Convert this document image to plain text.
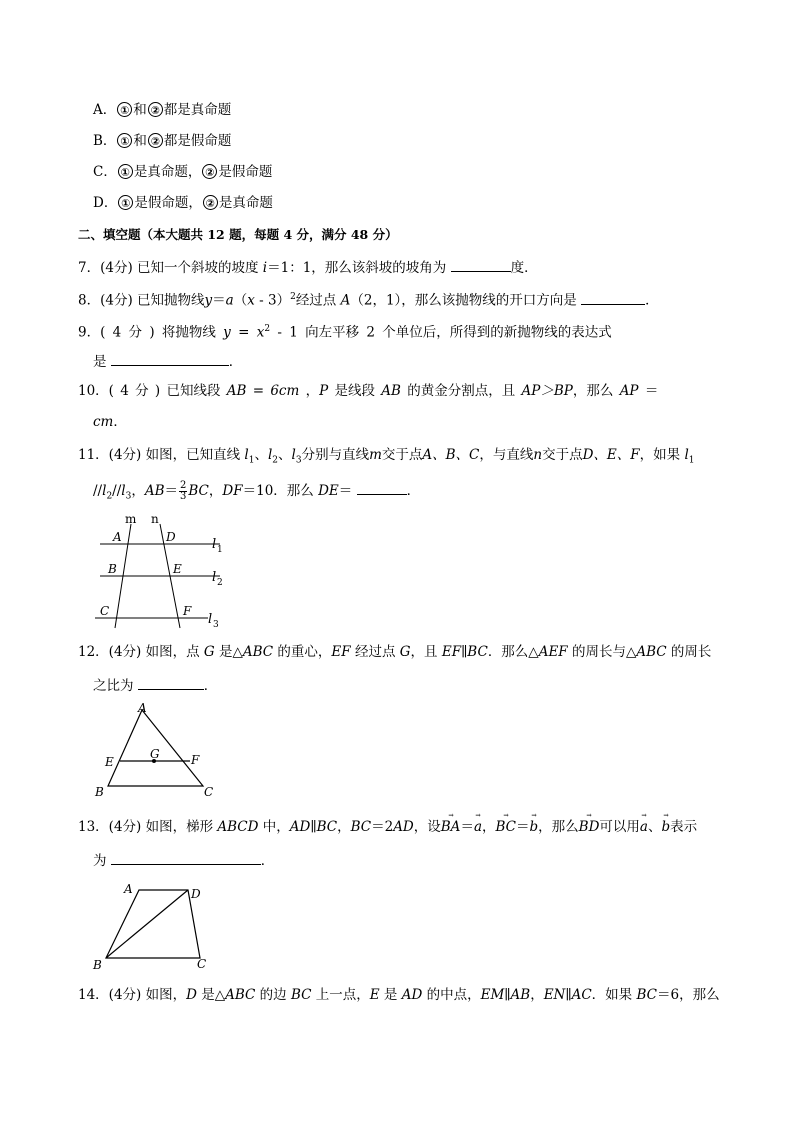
A． ① 和 ② 都是真命题
B． ① 和 ② 都是假命题
C． ① 是真命题， ② 是假命题
D． ① 是假命题， ② 是真命题
二、填空题（本大题共 12 题，每题 4 分，满分 48 分）
7．(4分) 已知一个斜坡的坡度 i＝1：1，那么该斜坡的坡角为	度．
8．(4分) 已知抛物线y＝a（x - 3）$^2$经过点 A（2，1），那么该抛物线的开口方向是	．
9．( 4 分 ) 将抛物线 $y = x^2 - 1$ 向左平移 2 个单位后，所得到的新抛物线的表达式
是	．
10．( 4 分 ) 已知线段 AB = 6cm ，P 是线段 AB 的黄金分割点，且 AP＞BP，那么 AP ＝
cm．
11．(4分) 如图，已知直线 $l_1$、$l_2$、$l_3$分别与直线m交于点A、B、C，与直线n交于点D、E、F，如果 $l_1$
$//l_2//l_3$，$AB= \frac{2}{3}$ BC，DF＝10．那么 DE＝	．
m n
A	D
B	E
C	F
l 1
l 2
l 3
12．(4分) 如图，点 G 是△ABC 的重心，EF 经过点 G，且 EF∥BC．那么△AEF 的周长与△ABC 的周长
之比为	．
A
E
G	F
B	C
13．(4分) 如图，梯形 ABCD 中，AD∥BC，BC＝2AD，设→ BA＝→ a，→ BC＝→ b，那么→ BD可以用→ a、→ b表示
为	．
A	D
B	C
14．(4分) 如图，D 是△ABC 的边 BC 上一点，E 是 AD 的中点，EM∥AB，EN∥AC．如果 BC＝6，那么
